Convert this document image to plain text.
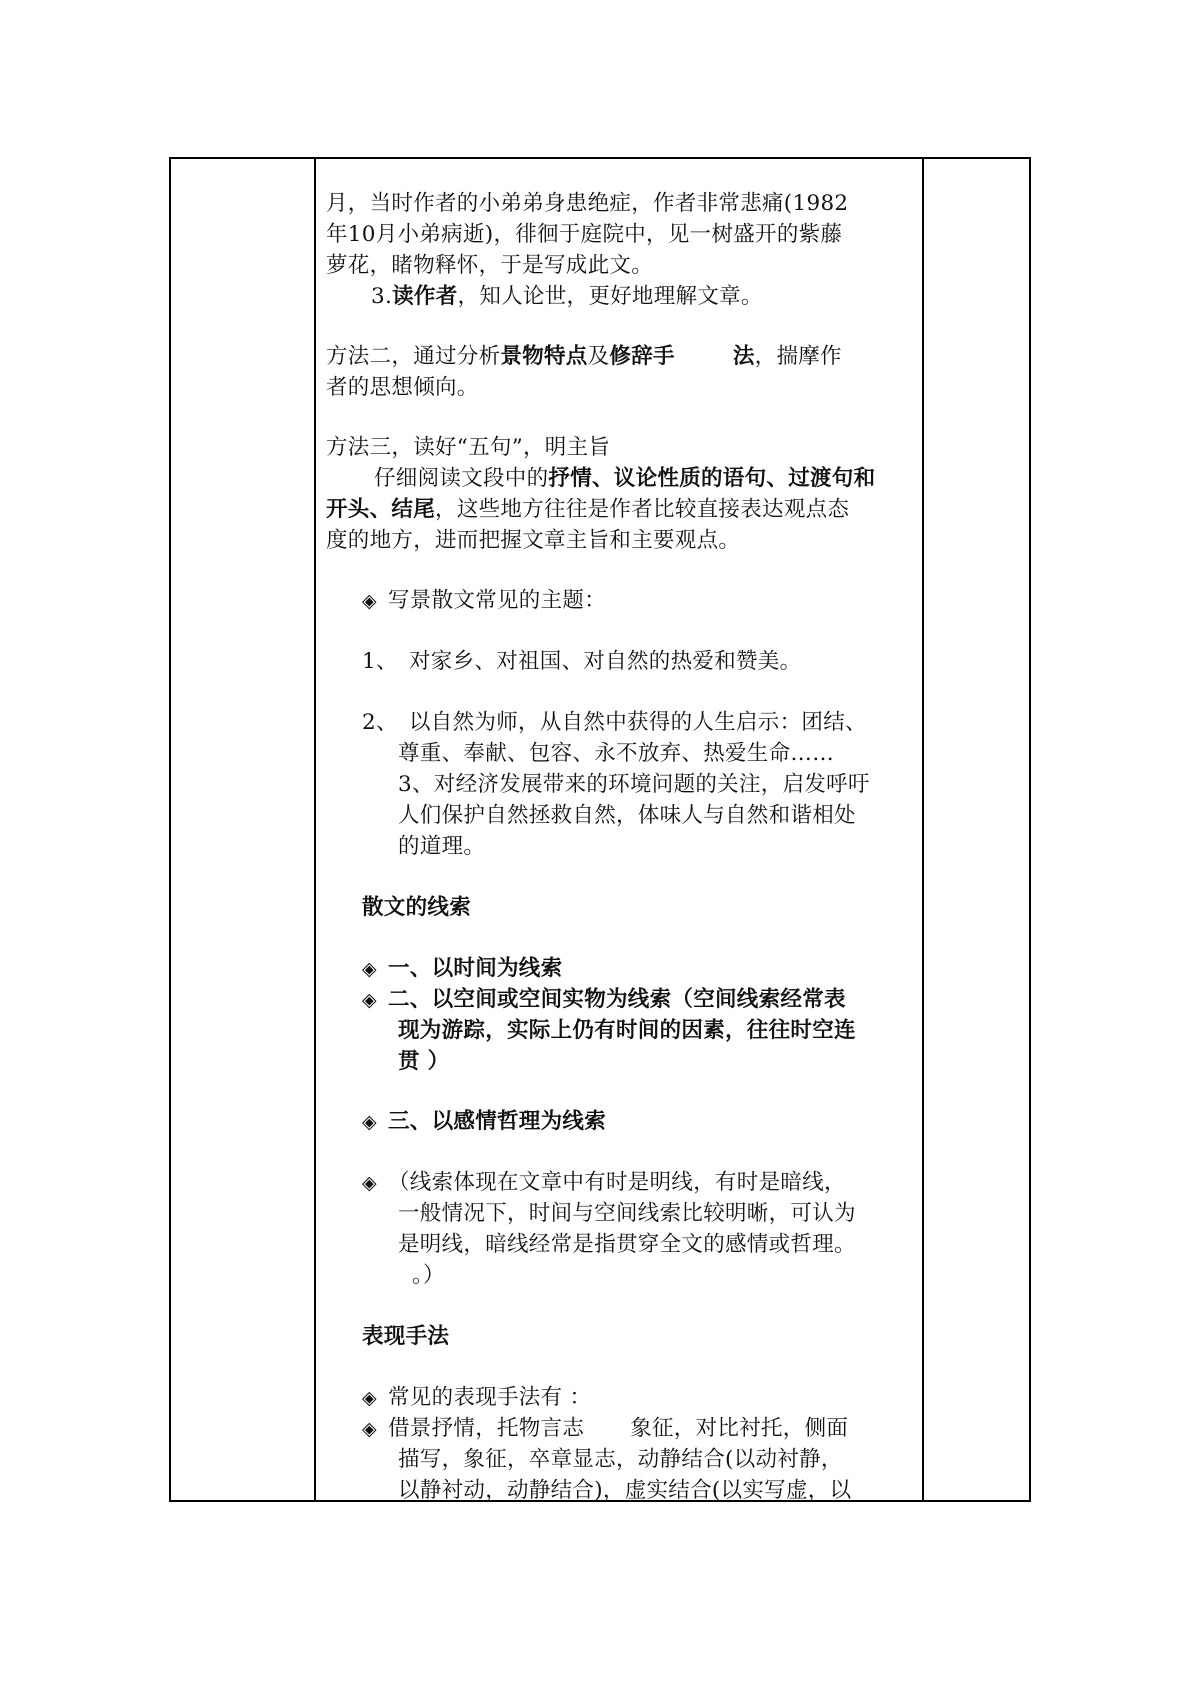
月，当时作者的小弟弟身患绝症，作者非常悲痛(1982
年10月小弟病逝)，徘徊于庭院中，见一树盛开的紫藤
萝花，睹物释怀，于是写成此文。
3.读作者，知人论世，更好地理解文章。
方法二，通过分析景物特点及修辞手	法，揣摩作
者的思想倾向。
方法三，读好“五句”，明主旨
仔细阅读文段中的抒情、议论性质的语句、过渡句和
开头、结尾，这些地方往往是作者比较直接表达观点态
度的地方，进而把握文章主旨和主要观点。
◈ 写景散文常见的主题：
1、 对家乡、对祖国、对自然的热爱和赞美。
2、 以自然为师，从自然中获得的人生启示：团结、
尊重、奉献、包容、永不放弃、热爱生命……
3、对经济发展带来的环境问题的关注，启发呼吁
人们保护自然拯救自然，体味人与自然和谐相处
的道理。
散文的线索
◈ 一、以时间为线索
◈ 二、以空间或空间实物为线索（空间线索经常表
现为游踪，实际上仍有时间的因素，往往时空连
贯 ）
◈ 三、以感情哲理为线索
◈ （线索体现在文章中有时是明线，有时是暗线，
一般情况下，时间与空间线索比较明晰，可认为
是明线，暗线经常是指贯穿全文的感情或哲理。
。）
表现手法
◈ 常见的表现手法有 ：
◈ 借景抒情，托物言志 象征，对比衬托，侧面
描写，象征，卒章显志，动静结合(以动衬静，
以静衬动，动静结合)，虚实结合(以实写虚，以
